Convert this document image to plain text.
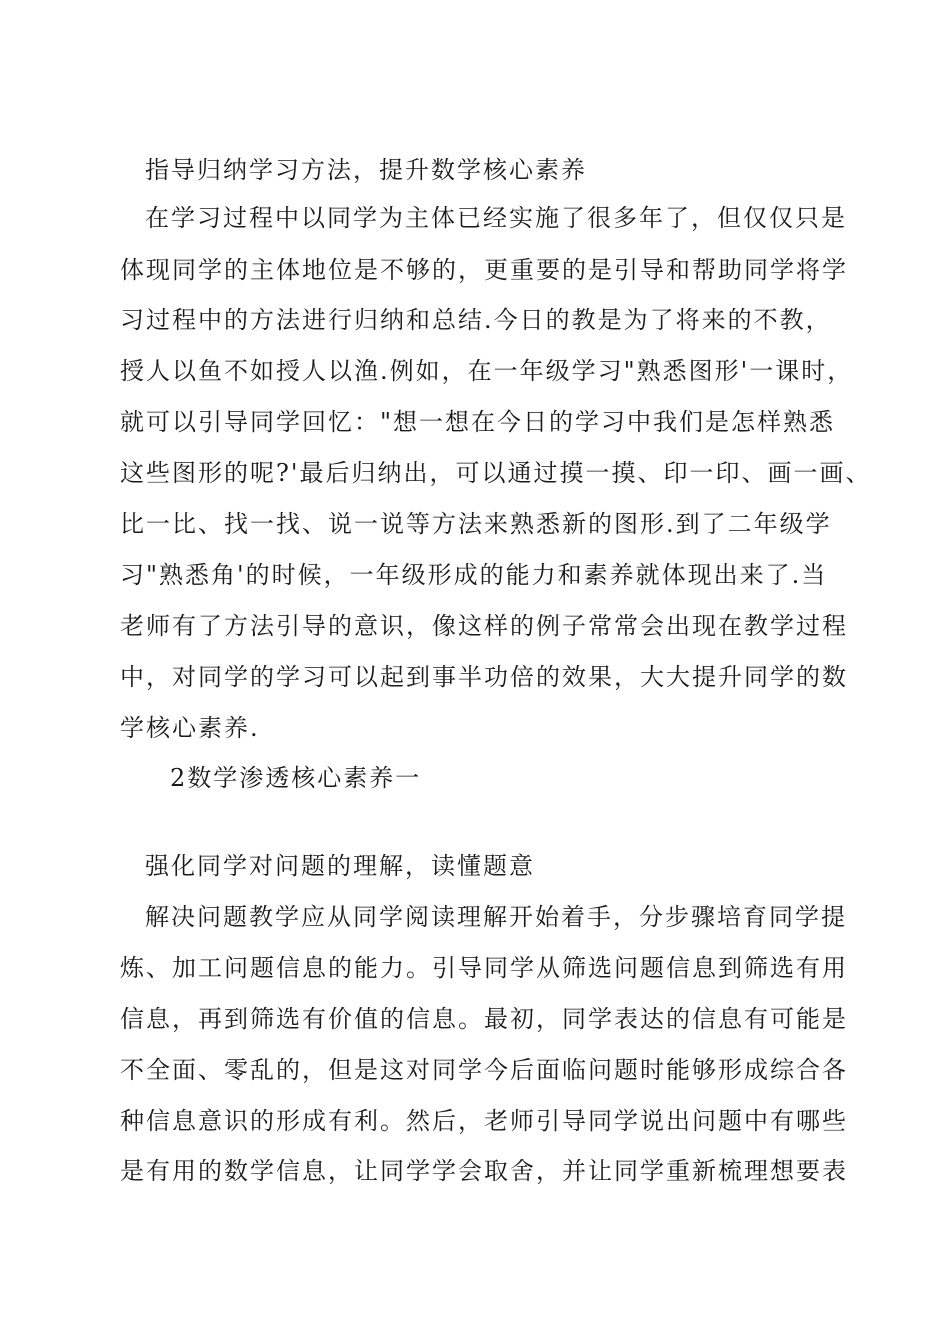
指导归纳学习方法，提升数学核心素养
在学习过程中以同学为主体已经实施了很多年了，但仅仅只是
体现同学的主体地位是不够的，更重要的是引导和帮助同学将学
习过程中的方法进行归纳和总结.今日的教是为了将来的不教，
授人以鱼不如授人以渔.例如，在一年级学习"熟悉图形'一课时，
就可以引导同学回忆："想一想在今日的学习中我们是怎样熟悉
这些图形的呢?'最后归纳出，可以通过摸一摸、印一印、画一画、
比一比、找一找、说一说等方法来熟悉新的图形.到了二年级学
习"熟悉角'的时候，一年级形成的能力和素养就体现出来了.当
老师有了方法引导的意识，像这样的例子常常会出现在教学过程
中，对同学的学习可以起到事半功倍的效果，大大提升同学的数
学核心素养.
2数学渗透核心素养一
强化同学对问题的理解，读懂题意
解决问题教学应从同学阅读理解开始着手，分步骤培育同学提
炼、加工问题信息的能力。引导同学从筛选问题信息到筛选有用
信息，再到筛选有价值的信息。最初，同学表达的信息有可能是
不全面、零乱的，但是这对同学今后面临问题时能够形成综合各
种信息意识的形成有利。然后，老师引导同学说出问题中有哪些
是有用的数学信息，让同学学会取舍，并让同学重新梳理想要表
